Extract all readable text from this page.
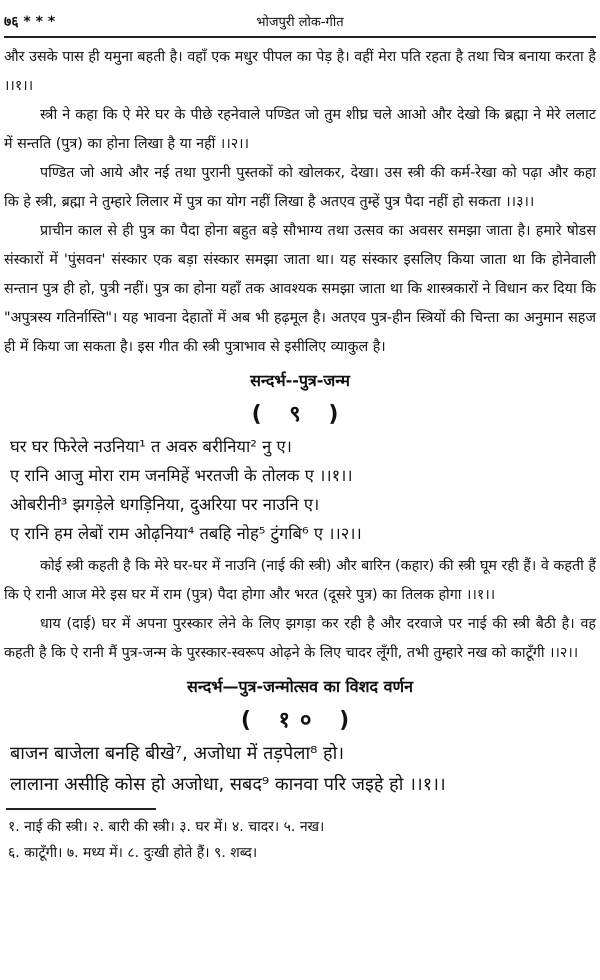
७६ * * *	भोजपुरी लोक-गीत

और उसके पास ही यमुना बहती है। वहाँ एक मधुर पीपल का पेड़ है। वहीं मेरा पति रहता है तथा चित्र बनाया करता है ।।१।।

स्त्री ने कहा कि ऐ मेरे घर के पीछे रहनेवाले पण्डित जो तुम शीघ्र चले आओ और देखो कि ब्रह्मा ने मेरे ललाट में सन्तति (पुत्र) का होना लिखा है या नहीं ।।२।।

पण्डित जो आये और नई तथा पुरानी पुस्तकों को खोलकर, देखा। उस स्त्री की कर्म-रेखा को पढ़ा और कहा कि हे स्त्री, ब्रह्मा ने तुम्हारे लिलार में पुत्र का योग नहीं लिखा है अतएव तुम्हें पुत्र पैदा नहीं हो सकता ।।३।।

प्राचीन काल से ही पुत्र का पैदा होना बहुत बड़े सौभाग्य तथा उत्सव का अवसर समझा जाता है। हमारे षोडस संस्कारों में 'पुंसवन' संस्कार एक बड़ा संस्कार समझा जाता था। यह संस्कार इसलिए किया जाता था कि होनेवाली सन्तान पुत्र ही हो, पुत्री नहीं। पुत्र का होना यहाँ तक आवश्यक समझा जाता था कि शास्त्रकारों ने विधान कर दिया कि "अपुत्रस्य गतिर्नास्ति"। यह भावना देहातों में अब भी हढ़मूल है। अतएव पुत्र-हीन स्त्रियों की चिन्ता का अनुमान सहज ही में किया जा सकता है। इस गीत की स्त्री पुत्राभाव से इसीलिए व्याकुल है।

सन्दर्भ--पुत्र-जन्म
( ९ )
घर घर फिरेले नउनिया¹ त अवरु बरीनिया² नु ए।
ए रानि आजु मोरा राम जनमिहें भरतजी के तोलक ए ।।१।।
ओबरीनी³ झगड़ेले धगड़िनिया, दुअरिया पर नाउनि ए।
ए रानि हम लेबों राम ओढ़निया⁴ तबहि नोह⁵ टुंगबि⁶ ए ।।२।।

कोई स्त्री कहती है कि मेरे घर-घर में नाउनि (नाई की स्त्री) और बारिन (कहार) की स्त्री घूम रही हैं। वे कहती हैं कि ऐ रानी आज मेरे इस घर में राम (पुत्र) पैदा होगा और भरत (दूसरे पुत्र) का तिलक होगा ।।१।।

धाय (दाई) घर में अपना पुरस्कार लेने के लिए झगड़ा कर रही है और दरवाजे पर नाई की स्त्री बैठी है। वह कहती है कि ऐ रानी मैं पुत्र-जन्म के पुरस्कार-स्वरूप ओढ़ने के लिए चादर लूँगी, तभी तुम्हारे नख को काटूँगी ।।२।।

सन्दर्भ—पुत्र-जन्मोत्सव का विशद वर्णन
( १० )
बाजन बाजेला बनहि बीखे⁷, अजोधा में तड़पेला⁸ हो।
लालाना असीहि कोस हो अजोधा, सबद⁹ कानवा परि जइहे हो ।।१।।
१. नाई की स्त्री। २. बारी की स्त्री। ३. घर में। ४. चादर। ५. नख।
६. काटूँगी। ७. मध्य में। ८. दुःखी होते हैं। ९. शब्द।
